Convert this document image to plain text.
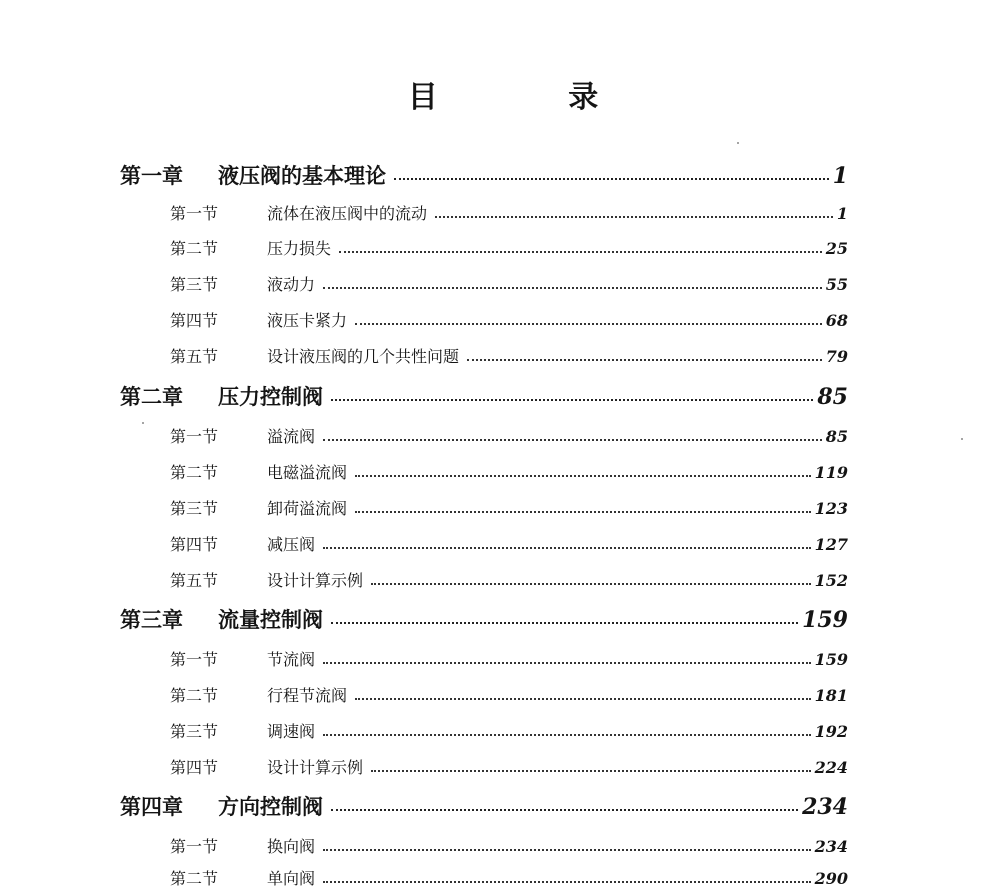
目 录
第一章	液压阀的基本理论	1
第一节	流体在液压阀中的流动	1
第二节	压力损失	25
第三节	液动力	55
第四节	液压卡紧力	68
第五节	设计液压阀的几个共性问题	79
第二章	压力控制阀	85
第一节	溢流阀	85
第二节	电磁溢流阀	119
第三节	卸荷溢流阀	123
第四节	减压阀	127
第五节	设计计算示例	152
第三章	流量控制阀	159
第一节	节流阀	159
第二节	行程节流阀	181
第三节	调速阀	192
第四节	设计计算示例	224
第四章	方向控制阀	234
第一节	换向阀	234
第二节	单向阀	290
